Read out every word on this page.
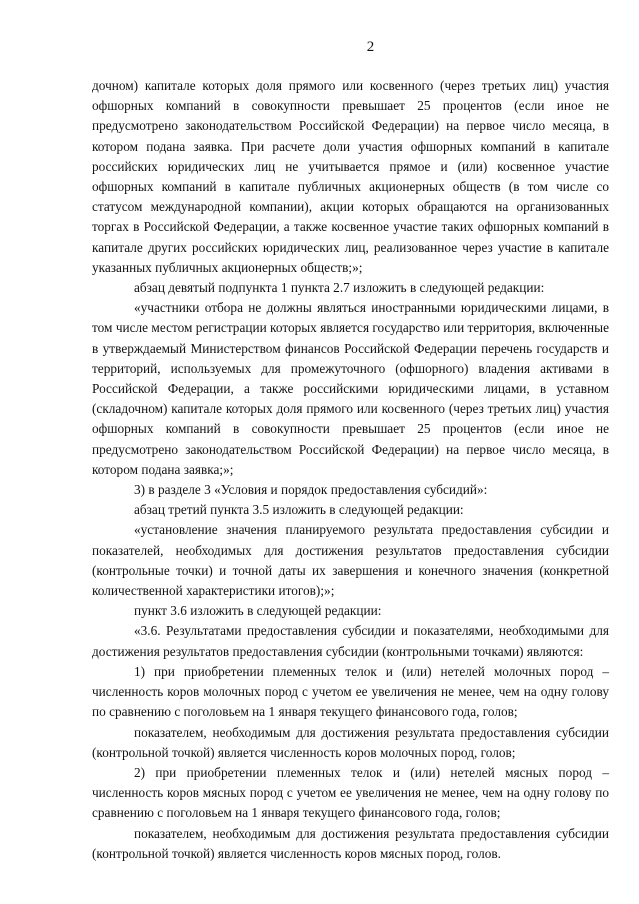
2

дочном) капитале которых доля прямого или косвенного (через третьих лиц) участия офшорных компаний в совокупности превышает 25 процентов (если иное не предусмотрено законодательством Российской Федерации) на первое число месяца, в котором подана заявка. При расчете доли участия офшорных компаний в капитале российских юридических лиц не учитывается прямое и (или) косвенное участие офшорных компаний в капитале публичных акционерных обществ (в том числе со статусом международной компании), акции которых обращаются на организованных торгах в Российской Федерации, а также косвенное участие таких офшорных компаний в капитале других российских юридических лиц, реализованное через участие в капитале указанных публичных акционерных обществ;»;

абзац девятый подпункта 1 пункта 2.7 изложить в следующей редакции:

«участники отбора не должны являться иностранными юридическими лицами, в том числе местом регистрации которых является государство или территория, включенные в утверждаемый Министерством финансов Российской Федерации перечень государств и территорий, используемых для промежуточного (офшорного) владения активами в Российской Федерации, а также российскими юридическими лицами, в уставном (складочном) капитале которых доля прямого или косвенного (через третьих лиц) участия офшорных компаний в совокупности превышает 25 процентов (если иное не предусмотрено законодательством Российской Федерации) на первое число месяца, в котором подана заявка;»;

3) в разделе 3 «Условия и порядок предоставления субсидий»:

абзац третий пункта 3.5 изложить в следующей редакции:

«установление значения планируемого результата предоставления субсидии и показателей, необходимых для достижения результатов предоставления субсидии (контрольные точки) и точной даты их завершения и конечного значения (конкретной количественной характеристики итогов);»;

пункт 3.6 изложить в следующей редакции:

«3.6. Результатами предоставления субсидии и показателями, необходимыми для достижения результатов предоставления субсидии (контрольными точками) являются:

1) при приобретении племенных телок и (или) нетелей молочных пород – численность коров молочных пород с учетом ее увеличения не менее, чем на одну голову по сравнению с поголовьем на 1 января текущего финансового года, голов;

показателем, необходимым для достижения результата предоставления субсидии (контрольной точкой) является численность коров молочных пород, голов;

2) при приобретении племенных телок и (или) нетелей мясных пород – численность коров мясных пород с учетом ее увеличения не менее, чем на одну голову по сравнению с поголовьем на 1 января текущего финансового года, голов;

показателем, необходимым для достижения результата предоставления субсидии (контрольной точкой) является численность коров мясных пород, голов.
